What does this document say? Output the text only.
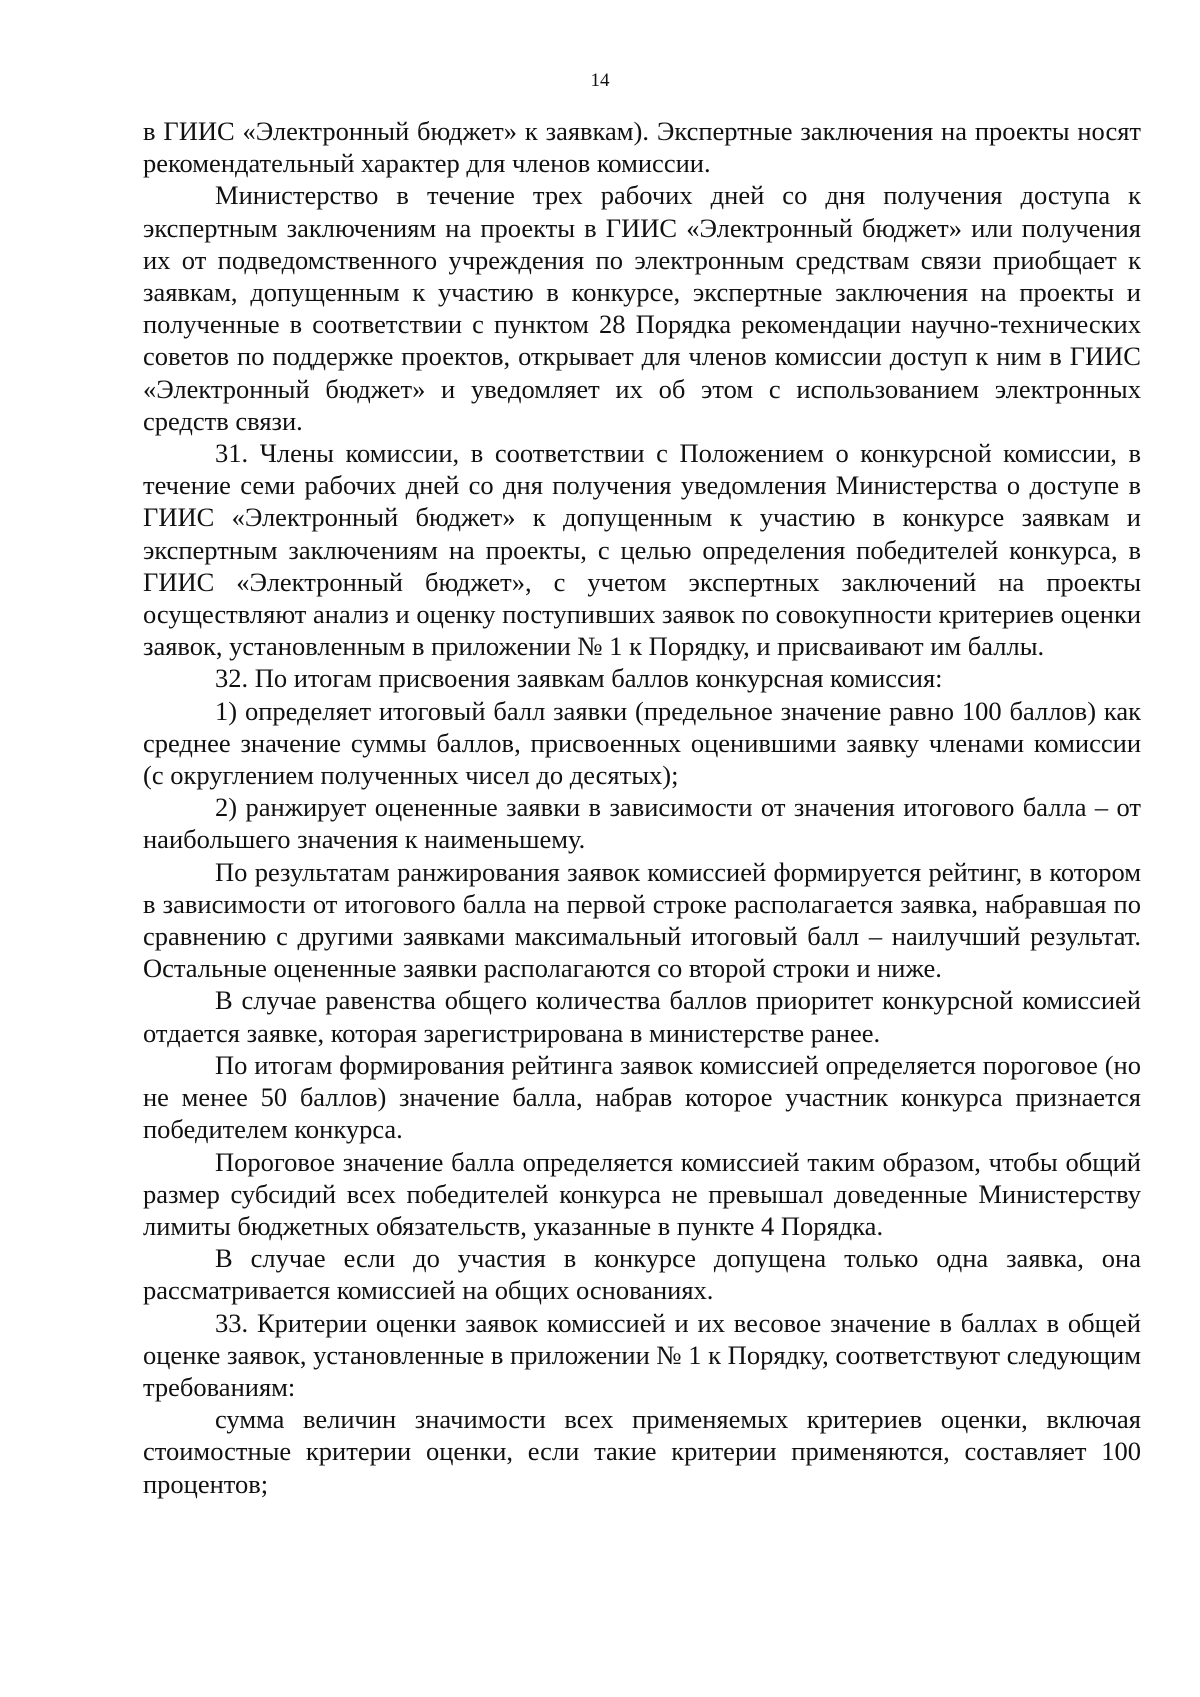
14

в ГИИС «Электронный бюджет» к заявкам). Экспертные заключения на проекты носят рекомендательный характер для членов комиссии.

Министерство в течение трех рабочих дней со дня получения доступа к экспертным заключениям на проекты в ГИИС «Электронный бюджет» или получения их от подведомственного учреждения по электронным средствам связи приобщает к заявкам, допущенным к участию в конкурсе, экспертные заключения на проекты и полученные в соответствии с пунктом 28 Порядка рекомендации научно-технических советов по поддержке проектов, открывает для членов комиссии доступ к ним в ГИИС «Электронный бюджет» и уведомляет их об этом с использованием электронных средств связи.

31. Члены комиссии, в соответствии с Положением о конкурсной комиссии, в течение семи рабочих дней со дня получения уведомления Министерства о доступе в ГИИС «Электронный бюджет» к допущенным к участию в конкурсе заявкам и экспертным заключениям на проекты, с целью определения победителей конкурса, в ГИИС «Электронный бюджет», с учетом экспертных заключений на проекты осуществляют анализ и оценку поступивших заявок по совокупности критериев оценки заявок, установленным в приложении № 1 к Порядку, и присваивают им баллы.

32. По итогам присвоения заявкам баллов конкурсная комиссия:

1) определяет итоговый балл заявки (предельное значение равно 100 баллов) как среднее значение суммы баллов, присвоенных оценившими заявку членами комиссии (с округлением полученных чисел до десятых);

2) ранжирует оцененные заявки в зависимости от значения итогового балла – от наибольшего значения к наименьшему.

По результатам ранжирования заявок комиссией формируется рейтинг, в котором в зависимости от итогового балла на первой строке располагается заявка, набравшая по сравнению с другими заявками максимальный итоговый балл – наилучший результат. Остальные оцененные заявки располагаются со второй строки и ниже.

В случае равенства общего количества баллов приоритет конкурсной комиссией отдается заявке, которая зарегистрирована в министерстве ранее.

По итогам формирования рейтинга заявок комиссией определяется пороговое (но не менее 50 баллов) значение балла, набрав которое участник конкурса признается победителем конкурса.

Пороговое значение балла определяется комиссией таким образом, чтобы общий размер субсидий всех победителей конкурса не превышал доведенные Министерству лимиты бюджетных обязательств, указанные в пункте 4 Порядка.

В случае если до участия в конкурсе допущена только одна заявка, она рассматривается комиссией на общих основаниях.

33. Критерии оценки заявок комиссией и их весовое значение в баллах в общей оценке заявок, установленные в приложении № 1 к Порядку, соответствуют следующим требованиям:

сумма величин значимости всех применяемых критериев оценки, включая стоимостные критерии оценки, если такие критерии применяются, составляет 100 процентов;
